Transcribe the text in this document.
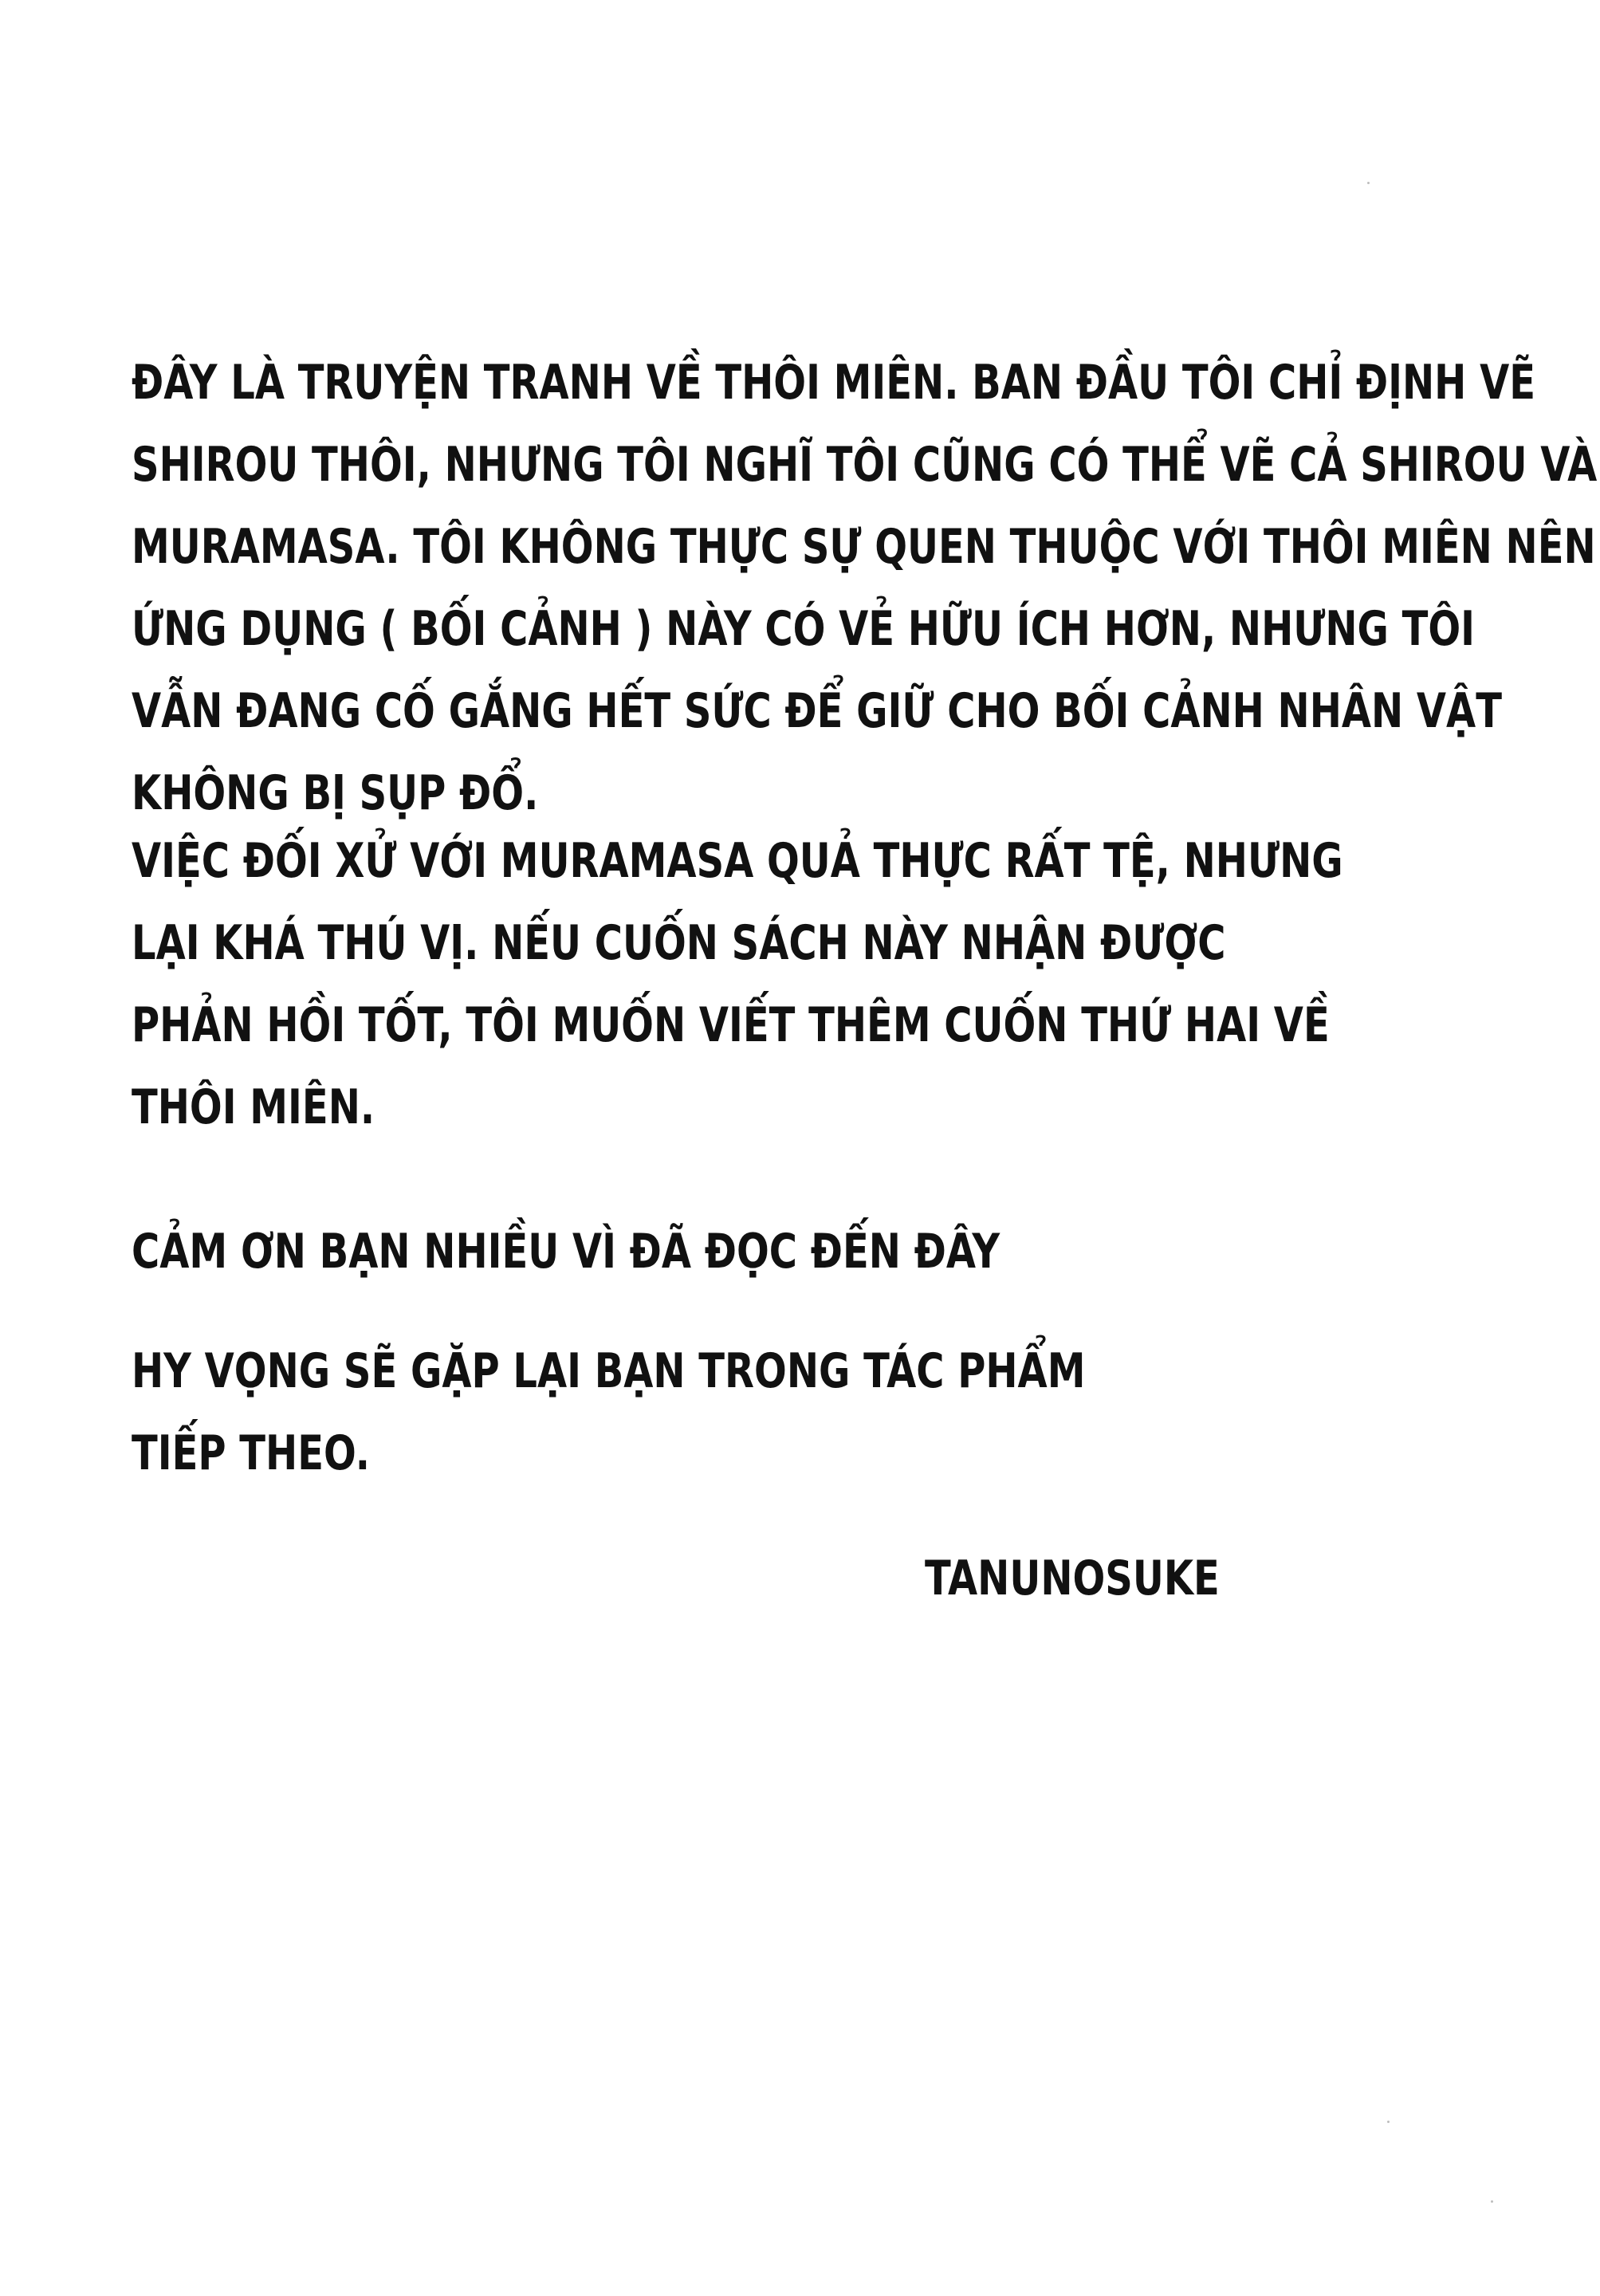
ĐÂY LÀ TRUYỆN TRANH VỀ THÔI MIÊN. BAN ĐẦU TÔI CHỈ ĐỊNH VẼ

SHIROU THÔI, NHƯNG TÔI NGHĨ TÔI CŨNG CÓ THỂ VẼ CẢ SHIROU VÀ

MURAMASA. TÔI KHÔNG THỰC SỰ QUEN THUỘC VỚI THÔI MIÊN NÊN

ỨNG DỤNG ( BỐI CẢNH ) NÀY CÓ VẺ HỮU ÍCH HƠN, NHƯNG TÔI

VẪN ĐANG CỐ GẮNG HẾT SỨC ĐỂ GIỮ CHO BỐI CẢNH NHÂN VẬT

KHÔNG BỊ SỤP ĐỔ.

VIỆC ĐỐI XỬ VỚI MURAMASA QUẢ THỰC RẤT TỆ, NHƯNG

LẠI KHÁ THÚ VỊ. NẾU CUỐN SÁCH NÀY NHẬN ĐƯỢC

PHẢN HỒI TỐT, TÔI MUỐN VIẾT THÊM CUỐN THỨ HAI VỀ

THÔI MIÊN.

CẢM ƠN BẠN NHIỀU VÌ ĐÃ ĐỌC ĐẾN ĐÂY

HY VỌNG SẼ GẶP LẠI BẠN TRONG TÁC PHẨM

TIẾP THEO.

TANUNOSUKE
